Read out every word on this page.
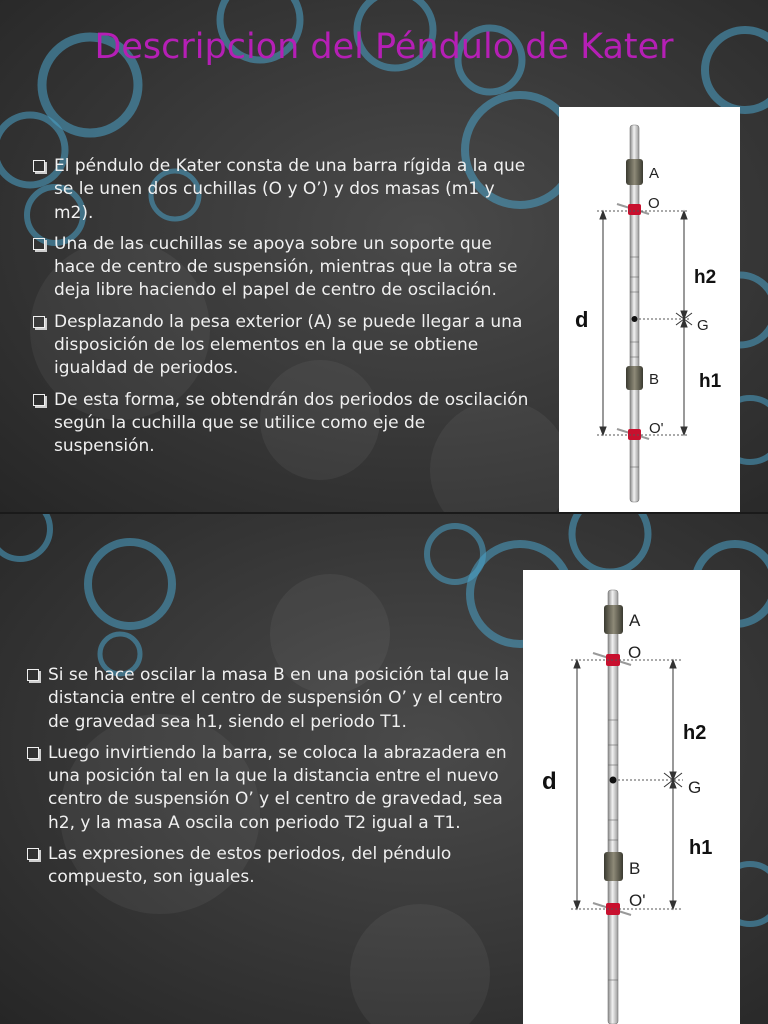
Descripcion del Péndulo de Kater
El péndulo de Kater consta de una barra rígida a la que se le unen dos cuchillas (O y O’) y dos masas (m1 y m2).
Una de las cuchillas se apoya sobre un soporte que hace de centro de suspensión, mientras que la otra se deja libre haciendo el papel de centro de oscilación.
Desplazando la pesa exterior (A) se puede llegar a una disposición de los elementos en la que se obtiene igualdad de periodos.
De esta forma, se obtendrán dos periodos de oscilación según la cuchilla que se utilice como eje de suspensión.
A
O
G
B
O'
d
h2
h1
Si se hace oscilar la masa B en una posición tal que la distancia entre el centro de suspensión O’ y el centro de gravedad sea h1, siendo el periodo T1.
Luego invirtiendo la barra, se coloca la abrazadera en una posición tal en la que la distancia entre el nuevo centro de suspensión O’ y el centro de gravedad, sea h2, y la masa A oscila con periodo T2 igual a T1.
Las expresiones de estos periodos, del péndulo compuesto, son iguales.
A
O
G
B
O'
d
h2
h1
